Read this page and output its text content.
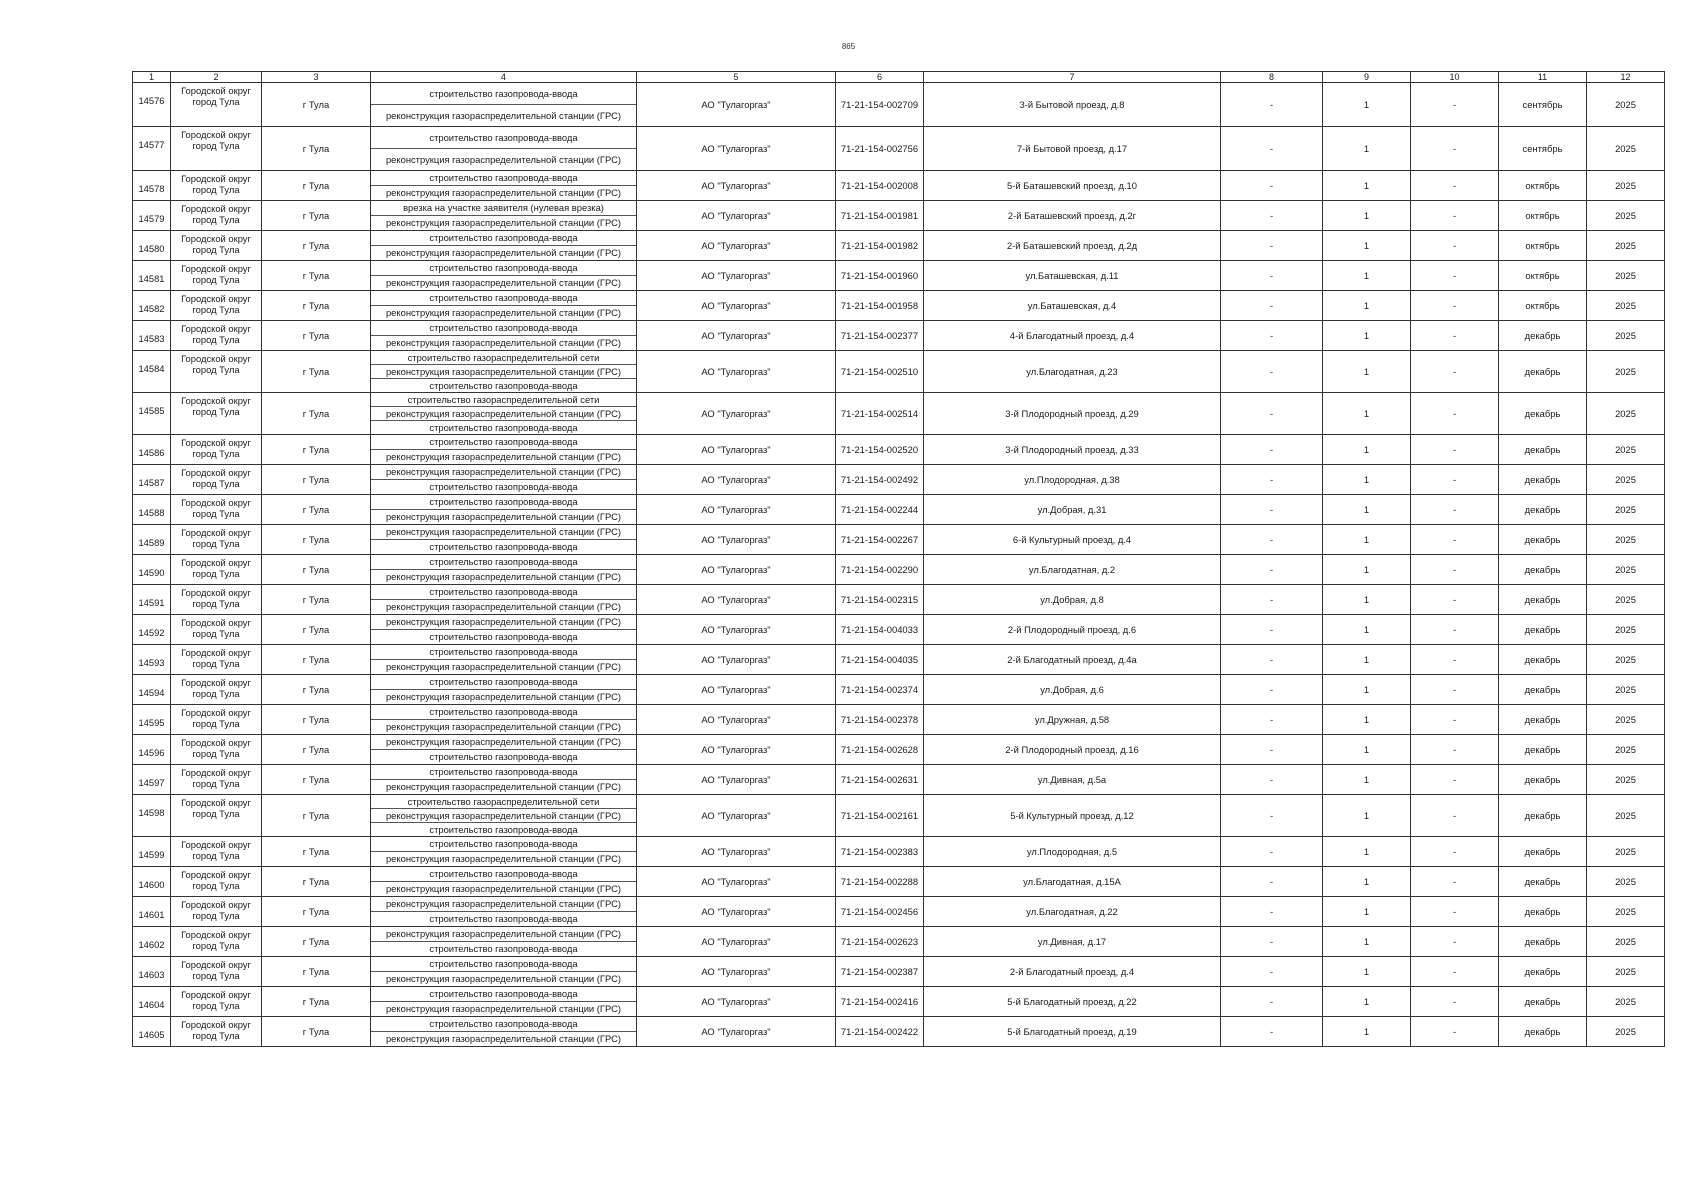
865
1	2	3	4	5	6	7	8	9	10	11	12
14576	Городской округ город Тула	г Тула	строительство газопровода-ввода
реконструкция газораспределительной станции (ГРС)	АО "Тулагоргаз"	71-21-154-002709	3-й Бытовой проезд, д.8	-	1	-	сентябрь	2025
14577	Городской округ город Тула	г Тула	строительство газопровода-ввода
реконструкция газораспределительной станции (ГРС)	АО "Тулагоргаз"	71-21-154-002756	7-й Бытовой проезд, д.17	-	1	-	сентябрь	2025
14578	Городской округ город Тула	г Тула	строительство газопровода-ввода
реконструкция газораспределительной станции (ГРС)	АО "Тулагоргаз"	71-21-154-002008	5-й Баташевский проезд, д.10	-	1	-	октябрь	2025
14579	Городской округ город Тула	г Тула	врезка на участке заявителя (нулевая врезка)
реконструкция газораспределительной станции (ГРС)	АО "Тулагоргаз"	71-21-154-001981	2-й Баташевский проезд, д.2г	-	1	-	октябрь	2025
14580	Городской округ город Тула	г Тула	строительство газопровода-ввода
реконструкция газораспределительной станции (ГРС)	АО "Тулагоргаз"	71-21-154-001982	2-й Баташевский проезд, д.2д	-	1	-	октябрь	2025
14581	Городской округ город Тула	г Тула	строительство газопровода-ввода
реконструкция газораспределительной станции (ГРС)	АО "Тулагоргаз"	71-21-154-001960	ул.Баташевская, д.11	-	1	-	октябрь	2025
14582	Городской округ город Тула	г Тула	строительство газопровода-ввода
реконструкция газораспределительной станции (ГРС)	АО "Тулагоргаз"	71-21-154-001958	ул.Баташевская, д.4	-	1	-	октябрь	2025
14583	Городской округ город Тула	г Тула	строительство газопровода-ввода
реконструкция газораспределительной станции (ГРС)	АО "Тулагоргаз"	71-21-154-002377	4-й Благодатный проезд, д.4	-	1	-	декабрь	2025
14584	Городской округ город Тула	г Тула	строительство газораспределительной сети
реконструкция газораспределительной станции (ГРС)
строительство газопровода-ввода	АО "Тулагоргаз"	71-21-154-002510	ул.Благодатная, д.23	-	1	-	декабрь	2025
14585	Городской округ город Тула	г Тула	строительство газораспределительной сети
реконструкция газораспределительной станции (ГРС)
строительство газопровода-ввода	АО "Тулагоргаз"	71-21-154-002514	3-й Плодородный проезд, д.29	-	1	-	декабрь	2025
14586	Городской округ город Тула	г Тула	строительство газопровода-ввода
реконструкция газораспределительной станции (ГРС)	АО "Тулагоргаз"	71-21-154-002520	3-й Плодородный проезд, д.33	-	1	-	декабрь	2025
14587	Городской округ город Тула	г Тула	реконструкция газораспределительной станции (ГРС)
строительство газопровода-ввода	АО "Тулагоргаз"	71-21-154-002492	ул.Плодородная, д.38	-	1	-	декабрь	2025
14588	Городской округ город Тула	г Тула	строительство газопровода-ввода
реконструкция газораспределительной станции (ГРС)	АО "Тулагоргаз"	71-21-154-002244	ул.Добрая, д.31	-	1	-	декабрь	2025
14589	Городской округ город Тула	г Тула	реконструкция газораспределительной станции (ГРС)
строительство газопровода-ввода	АО "Тулагоргаз"	71-21-154-002267	6-й Культурный проезд, д.4	-	1	-	декабрь	2025
14590	Городской округ город Тула	г Тула	строительство газопровода-ввода
реконструкция газораспределительной станции (ГРС)	АО "Тулагоргаз"	71-21-154-002290	ул.Благодатная, д.2	-	1	-	декабрь	2025
14591	Городской округ город Тула	г Тула	строительство газопровода-ввода
реконструкция газораспределительной станции (ГРС)	АО "Тулагоргаз"	71-21-154-002315	ул.Добрая, д.8	-	1	-	декабрь	2025
14592	Городской округ город Тула	г Тула	реконструкция газораспределительной станции (ГРС)
строительство газопровода-ввода	АО "Тулагоргаз"	71-21-154-004033	2-й Плодородный проезд, д.6	-	1	-	декабрь	2025
14593	Городской округ город Тула	г Тула	строительство газопровода-ввода
реконструкция газораспределительной станции (ГРС)	АО "Тулагоргаз"	71-21-154-004035	2-й Благодатный проезд, д.4а	-	1	-	декабрь	2025
14594	Городской округ город Тула	г Тула	строительство газопровода-ввода
реконструкция газораспределительной станции (ГРС)	АО "Тулагоргаз"	71-21-154-002374	ул.Добрая, д.6	-	1	-	декабрь	2025
14595	Городской округ город Тула	г Тула	строительство газопровода-ввода
реконструкция газораспределительной станции (ГРС)	АО "Тулагоргаз"	71-21-154-002378	ул.Дружная, д.58	-	1	-	декабрь	2025
14596	Городской округ город Тула	г Тула	реконструкция газораспределительной станции (ГРС)
строительство газопровода-ввода	АО "Тулагоргаз"	71-21-154-002628	2-й Плодородный проезд, д.16	-	1	-	декабрь	2025
14597	Городской округ город Тула	г Тула	строительство газопровода-ввода
реконструкция газораспределительной станции (ГРС)	АО "Тулагоргаз"	71-21-154-002631	ул.Дивная, д.5а	-	1	-	декабрь	2025
14598	Городской округ город Тула	г Тула	строительство газораспределительной сети
реконструкция газораспределительной станции (ГРС)
строительство газопровода-ввода	АО "Тулагоргаз"	71-21-154-002161	5-й Культурный проезд, д.12	-	1	-	декабрь	2025
14599	Городской округ город Тула	г Тула	строительство газопровода-ввода
реконструкция газораспределительной станции (ГРС)	АО "Тулагоргаз"	71-21-154-002383	ул.Плодородная, д.5	-	1	-	декабрь	2025
14600	Городской округ город Тула	г Тула	строительство газопровода-ввода
реконструкция газораспределительной станции (ГРС)	АО "Тулагоргаз"	71-21-154-002288	ул.Благодатная, д.15А	-	1	-	декабрь	2025
14601	Городской округ город Тула	г Тула	реконструкция газораспределительной станции (ГРС)
строительство газопровода-ввода	АО "Тулагоргаз"	71-21-154-002456	ул.Благодатная, д.22	-	1	-	декабрь	2025
14602	Городской округ город Тула	г Тула	реконструкция газораспределительной станции (ГРС)
строительство газопровода-ввода	АО "Тулагоргаз"	71-21-154-002623	ул.Дивная, д.17	-	1	-	декабрь	2025
14603	Городской округ город Тула	г Тула	строительство газопровода-ввода
реконструкция газораспределительной станции (ГРС)	АО "Тулагоргаз"	71-21-154-002387	2-й Благодатный проезд, д.4	-	1	-	декабрь	2025
14604	Городской округ город Тула	г Тула	строительство газопровода-ввода
реконструкция газораспределительной станции (ГРС)	АО "Тулагоргаз"	71-21-154-002416	5-й Благодатный проезд, д.22	-	1	-	декабрь	2025
14605	Городской округ город Тула	г Тула	строительство газопровода-ввода
реконструкция газораспределительной станции (ГРС)	АО "Тулагоргаз"	71-21-154-002422	5-й Благодатный проезд, д.19	-	1	-	декабрь	2025
